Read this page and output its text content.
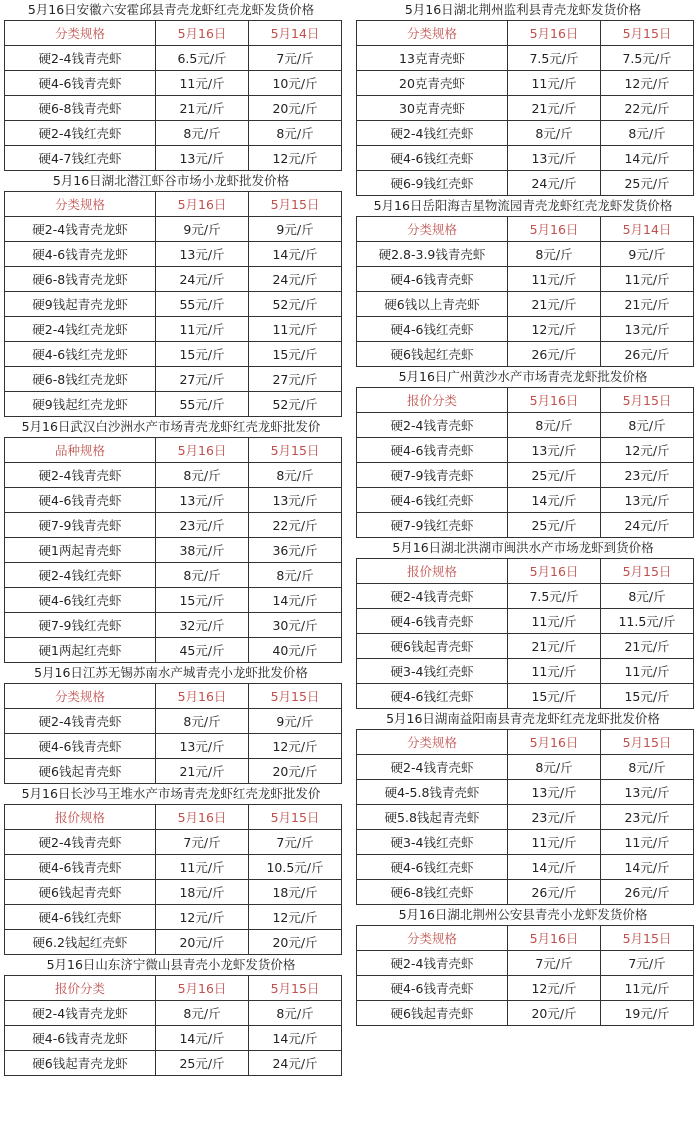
5月16日安徽六安霍邱县青壳龙虾红壳龙虾发货价格
分类规格	5月16日	5月14日
硬2-4钱青壳虾	6.5元/斤	7元/斤
硬4-6钱青壳虾	11元/斤	10元/斤
硬6-8钱青壳虾	21元/斤	20元/斤
硬2-4钱红壳虾	8元/斤	8元/斤
硬4-7钱红壳虾	13元/斤	12元/斤
5月16日湖北潜江虾谷市场小龙虾批发价格
分类规格	5月16日	5月15日
硬2-4钱青壳龙虾	9元/斤	9元/斤
硬4-6钱青壳龙虾	13元/斤	14元/斤
硬6-8钱青壳龙虾	24元/斤	24元/斤
硬9钱起青壳龙虾	55元/斤	52元/斤
硬2-4钱红壳龙虾	11元/斤	11元/斤
硬4-6钱红壳龙虾	15元/斤	15元/斤
硬6-8钱红壳龙虾	27元/斤	27元/斤
硬9钱起红壳龙虾	55元/斤	52元/斤
5月16日武汉白沙洲水产市场青壳龙虾红壳龙虾批发价
品种规格	5月16日	5月15日
硬2-4钱青壳虾	8元/斤	8元/斤
硬4-6钱青壳虾	13元/斤	13元/斤
硬7-9钱青壳虾	23元/斤	22元/斤
硬1两起青壳虾	38元/斤	36元/斤
硬2-4钱红壳虾	8元/斤	8元/斤
硬4-6钱红壳虾	15元/斤	14元/斤
硬7-9钱红壳虾	32元/斤	30元/斤
硬1两起红壳虾	45元/斤	40元/斤
5月16日江苏无锡苏南水产城青壳小龙虾批发价格
分类规格	5月16日	5月15日
硬2-4钱青壳虾	8元/斤	9元/斤
硬4-6钱青壳虾	13元/斤	12元/斤
硬6钱起青壳虾	21元/斤	20元/斤
5月16日长沙马王堆水产市场青壳龙虾红壳龙虾批发价
报价规格	5月16日	5月15日
硬2-4钱青壳虾	7元/斤	7元/斤
硬4-6钱青壳虾	11元/斤	10.5元/斤
硬6钱起青壳虾	18元/斤	18元/斤
硬4-6钱红壳虾	12元/斤	12元/斤
硬6.2钱起红壳虾	20元/斤	20元/斤
5月16日山东济宁微山县青壳小龙虾发货价格
报价分类	5月16日	5月15日
硬2-4钱青壳龙虾	8元/斤	8元/斤
硬4-6钱青壳龙虾	14元/斤	14元/斤
硬6钱起青壳龙虾	25元/斤	24元/斤
5月16日湖北荆州监利县青壳龙虾发货价格
分类规格	5月16日	5月15日
13克青壳虾	7.5元/斤	7.5元/斤
20克青壳虾	11元/斤	12元/斤
30克青壳虾	21元/斤	22元/斤
硬2-4钱红壳虾	8元/斤	8元/斤
硬4-6钱红壳虾	13元/斤	14元/斤
硬6-9钱红壳虾	24元/斤	25元/斤
5月16日岳阳海吉星物流园青壳龙虾红壳龙虾发货价格
分类规格	5月16日	5月14日
硬2.8-3.9钱青壳虾	8元/斤	9元/斤
硬4-6钱青壳虾	11元/斤	11元/斤
硬6钱以上青壳虾	21元/斤	21元/斤
硬4-6钱红壳虾	12元/斤	13元/斤
硬6钱起红壳虾	26元/斤	26元/斤
5月16日广州黄沙水产市场青壳龙虾批发价格
报价分类	5月16日	5月15日
硬2-4钱青壳虾	8元/斤	8元/斤
硬4-6钱青壳虾	13元/斤	12元/斤
硬7-9钱青壳虾	25元/斤	23元/斤
硬4-6钱红壳虾	14元/斤	13元/斤
硬7-9钱红壳虾	25元/斤	24元/斤
5月16日湖北洪湖市闽洪水产市场龙虾到货价格
报价规格	5月16日	5月15日
硬2-4钱青壳虾	7.5元/斤	8元/斤
硬4-6钱青壳虾	11元/斤	11.5元/斤
硬6钱起青壳虾	21元/斤	21元/斤
硬3-4钱红壳虾	11元/斤	11元/斤
硬4-6钱红壳虾	15元/斤	15元/斤
5月16日湖南益阳南县青壳龙虾红壳龙虾批发价格
分类规格	5月16日	5月15日
硬2-4钱青壳虾	8元/斤	8元/斤
硬4-5.8钱青壳虾	13元/斤	13元/斤
硬5.8钱起青壳虾	23元/斤	23元/斤
硬3-4钱红壳虾	11元/斤	11元/斤
硬4-6钱红壳虾	14元/斤	14元/斤
硬6-8钱红壳虾	26元/斤	26元/斤
5月16日湖北荆州公安县青壳小龙虾发货价格
分类规格	5月16日	5月15日
硬2-4钱青壳虾	7元/斤	7元/斤
硬4-6钱青壳虾	12元/斤	11元/斤
硬6钱起青壳虾	20元/斤	19元/斤
